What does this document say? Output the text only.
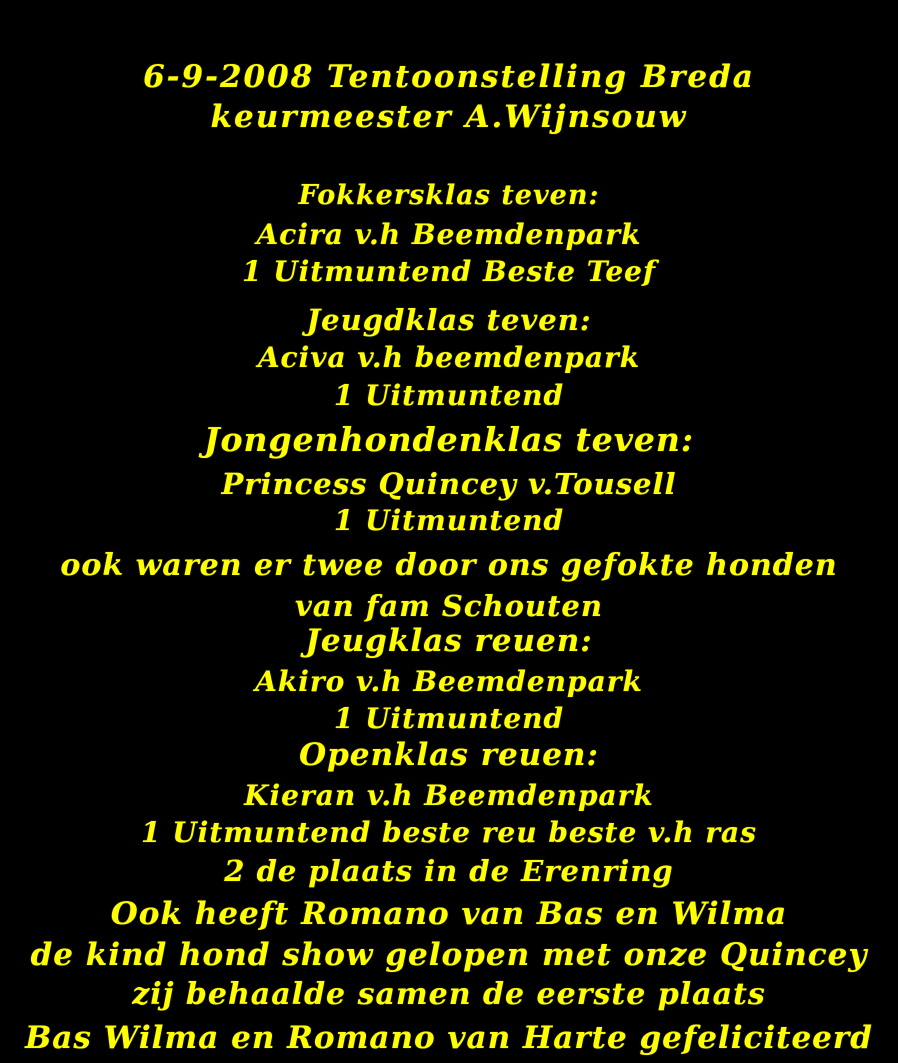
6-9-2008 Tentoonstelling Breda
keurmeester A.Wijnsouw
Fokkersklas teven:
Acira v.h Beemdenpark
1 Uitmuntend Beste Teef
Jeugdklas teven:
Aciva v.h beemdenpark
1 Uitmuntend
Jongenhondenklas teven:
Princess Quincey v.Tousell
1 Uitmuntend
ook waren er twee door ons gefokte honden
van fam Schouten
Jeugklas reuen:
Akiro v.h Beemdenpark
1 Uitmuntend
Openklas reuen:
Kieran v.h Beemdenpark
1 Uitmuntend beste reu beste v.h ras
2 de plaats in de Erenring
Ook heeft Romano van Bas en Wilma
de kind hond show gelopen met onze Quincey
zij behaalde samen de eerste plaats
Bas Wilma en Romano van Harte gefeliciteerd
